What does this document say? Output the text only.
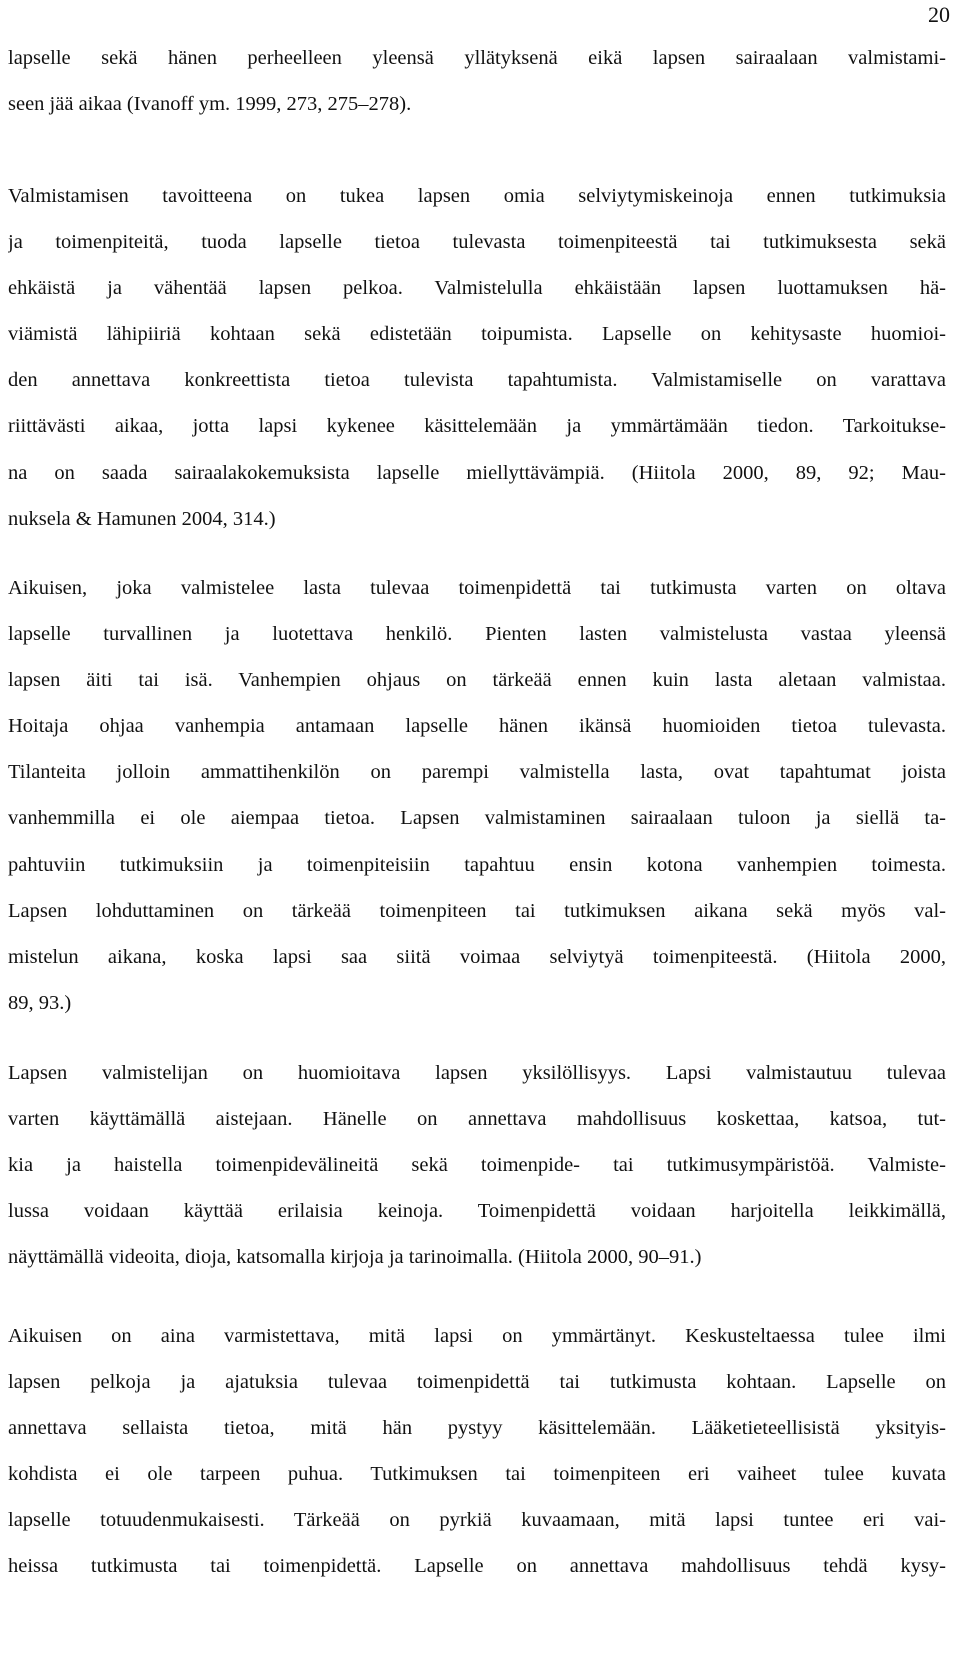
20
lapselle sekä hänen perheelleen yleensä yllätyksenä eikä lapsen sairaalaan valmistami-
seen jää aikaa (Ivanoff ym. 1999, 273, 275–278).
Valmistamisen tavoitteena on tukea lapsen omia selviytymiskeinoja ennen tutkimuksia
ja toimenpiteitä, tuoda lapselle tietoa tulevasta toimenpiteestä tai tutkimuksesta sekä
ehkäistä ja vähentää lapsen pelkoa. Valmistelulla ehkäistään lapsen luottamuksen hä-
viämistä lähipiiriä kohtaan sekä edistetään toipumista. Lapselle on kehitysaste huomioi-
den annettava konkreettista tietoa tulevista tapahtumista. Valmistamiselle on varattava
riittävästi aikaa, jotta lapsi kykenee käsittelemään ja ymmärtämään tiedon. Tarkoitukse-
na on saada sairaalakokemuksista lapselle miellyttävämpiä. (Hiitola 2000, 89, 92; Mau-
nuksela & Hamunen 2004, 314.)
Aikuisen, joka valmistelee lasta tulevaa toimenpidettä tai tutkimusta varten on oltava
lapselle turvallinen ja luotettava henkilö. Pienten lasten valmistelusta vastaa yleensä
lapsen äiti tai isä. Vanhempien ohjaus on tärkeää ennen kuin lasta aletaan valmistaa.
Hoitaja ohjaa vanhempia antamaan lapselle hänen ikänsä huomioiden tietoa tulevasta.
Tilanteita jolloin ammattihenkilön on parempi valmistella lasta, ovat tapahtumat joista
vanhemmilla ei ole aiempaa tietoa. Lapsen valmistaminen sairaalaan tuloon ja siellä ta-
pahtuviin tutkimuksiin ja toimenpiteisiin tapahtuu ensin kotona vanhempien toimesta.
Lapsen lohduttaminen on tärkeää toimenpiteen tai tutkimuksen aikana sekä myös val-
mistelun aikana, koska lapsi saa siitä voimaa selviytyä toimenpiteestä. (Hiitola 2000,
89, 93.)
Lapsen valmistelijan on huomioitava lapsen yksilöllisyys. Lapsi valmistautuu tulevaa
varten käyttämällä aistejaan. Hänelle on annettava mahdollisuus koskettaa, katsoa, tut-
kia ja haistella toimenpidevälineitä sekä toimenpide- tai tutkimusympäristöä. Valmiste-
lussa voidaan käyttää erilaisia keinoja. Toimenpidettä voidaan harjoitella leikkimällä,
näyttämällä videoita, dioja, katsomalla kirjoja ja tarinoimalla. (Hiitola 2000, 90–91.)
Aikuisen on aina varmistettava, mitä lapsi on ymmärtänyt. Keskusteltaessa tulee ilmi
lapsen pelkoja ja ajatuksia tulevaa toimenpidettä tai tutkimusta kohtaan. Lapselle on
annettava sellaista tietoa, mitä hän pystyy käsittelemään. Lääketieteellisistä yksityis-
kohdista ei ole tarpeen puhua. Tutkimuksen tai toimenpiteen eri vaiheet tulee kuvata
lapselle totuudenmukaisesti. Tärkeää on pyrkiä kuvaamaan, mitä lapsi tuntee eri vai-
heissa tutkimusta tai toimenpidettä. Lapselle on annettava mahdollisuus tehdä kysy-
